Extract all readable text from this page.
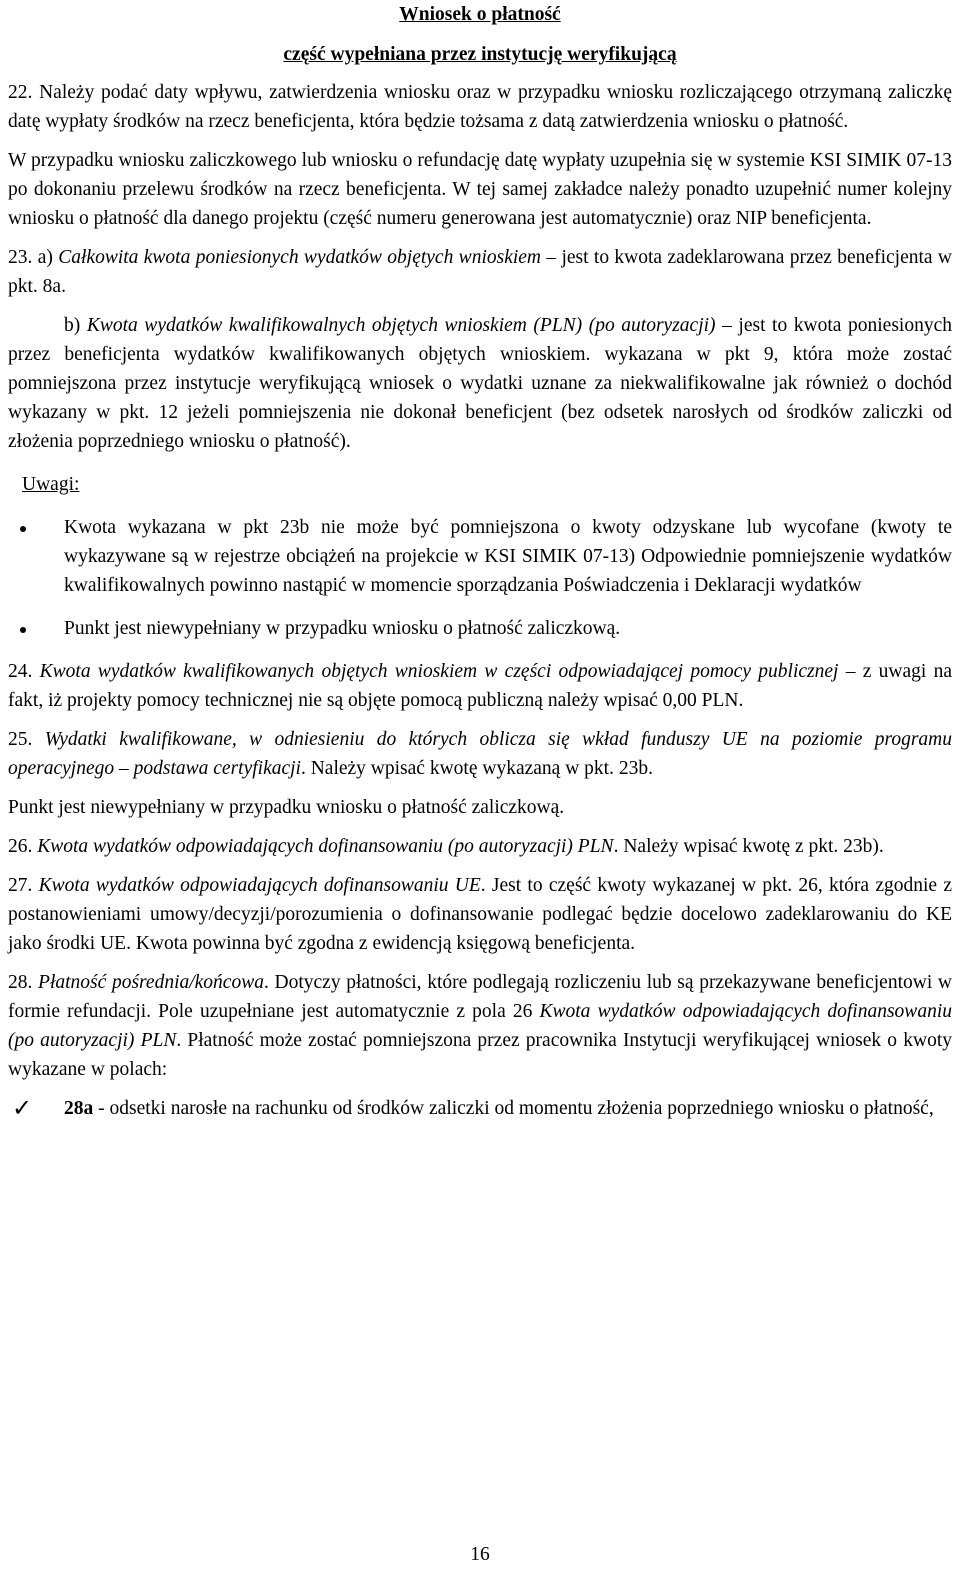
Wniosek o płatność
część wypełniana przez instytucję weryfikującą

22. Należy podać daty wpływu, zatwierdzenia wniosku oraz w przypadku wniosku rozliczającego otrzymaną zaliczkę datę wypłaty środków na rzecz beneficjenta, która będzie tożsama z datą zatwierdzenia wniosku o płatność.

W przypadku wniosku zaliczkowego lub wniosku o refundację datę wypłaty uzupełnia się w systemie KSI SIMIK 07-13 po dokonaniu przelewu środków na rzecz beneficjenta. W tej samej zakładce należy ponadto uzupełnić numer kolejny wniosku o płatność dla danego projektu (część numeru generowana jest automatycznie) oraz NIP beneficjenta.

23. a) Całkowita kwota poniesionych wydatków objętych wnioskiem – jest to kwota zadeklarowana przez beneficjenta w pkt. 8a.

b) Kwota wydatków kwalifikowalnych objętych wnioskiem (PLN) (po autoryzacji) – jest to kwota poniesionych przez beneficjenta wydatków kwalifikowanych objętych wnioskiem. wykazana w pkt 9, która może zostać pomniejszona przez instytucje weryfikującą wniosek o wydatki uznane za niekwalifikowalne jak również o dochód wykazany w pkt. 12 jeżeli pomniejszenia nie dokonał beneficjent (bez odsetek narosłych od środków zaliczki od złożenia poprzedniego wniosku o płatność).

Uwagi:
Kwota wykazana w pkt 23b nie może być pomniejszona o kwoty odzyskane lub wycofane (kwoty te wykazywane są w rejestrze obciążeń na projekcie w KSI SIMIK 07-13) Odpowiednie pomniejszenie wydatków kwalifikowalnych powinno nastąpić w momencie sporządzania Poświadczenia i Deklaracji wydatków
Punkt jest niewypełniany w przypadku wniosku o płatność zaliczkową.

24. Kwota wydatków kwalifikowanych objętych wnioskiem w części odpowiadającej pomocy publicznej – z uwagi na fakt, iż projekty pomocy technicznej nie są objęte pomocą publiczną należy wpisać 0,00 PLN.

25. Wydatki kwalifikowane, w odniesieniu do których oblicza się wkład funduszy UE na poziomie programu operacyjnego – podstawa certyfikacji. Należy wpisać kwotę wykazaną w pkt. 23b.

Punkt jest niewypełniany w przypadku wniosku o płatność zaliczkową.

26. Kwota wydatków odpowiadających dofinansowaniu (po autoryzacji) PLN. Należy wpisać kwotę z pkt. 23b).

27. Kwota wydatków odpowiadających dofinansowaniu UE. Jest to część kwoty wykazanej w pkt. 26, która zgodnie z postanowieniami umowy/decyzji/porozumienia o dofinansowanie podlegać będzie docelowo zadeklarowaniu do KE jako środki UE. Kwota powinna być zgodna z ewidencją księgową beneficjenta.

28. Płatność pośrednia/końcowa. Dotyczy płatności, które podlegają rozliczeniu lub są przekazywane beneficjentowi w formie refundacji. Pole uzupełniane jest automatycznie z pola 26 Kwota wydatków odpowiadających dofinansowaniu (po autoryzacji) PLN. Płatność może zostać pomniejszona przez pracownika Instytucji weryfikującej wniosek o kwoty wykazane w polach:

✓ 28a - odsetki narosłe na rachunku od środków zaliczki od momentu złożenia poprzedniego wniosku o płatność,
16
